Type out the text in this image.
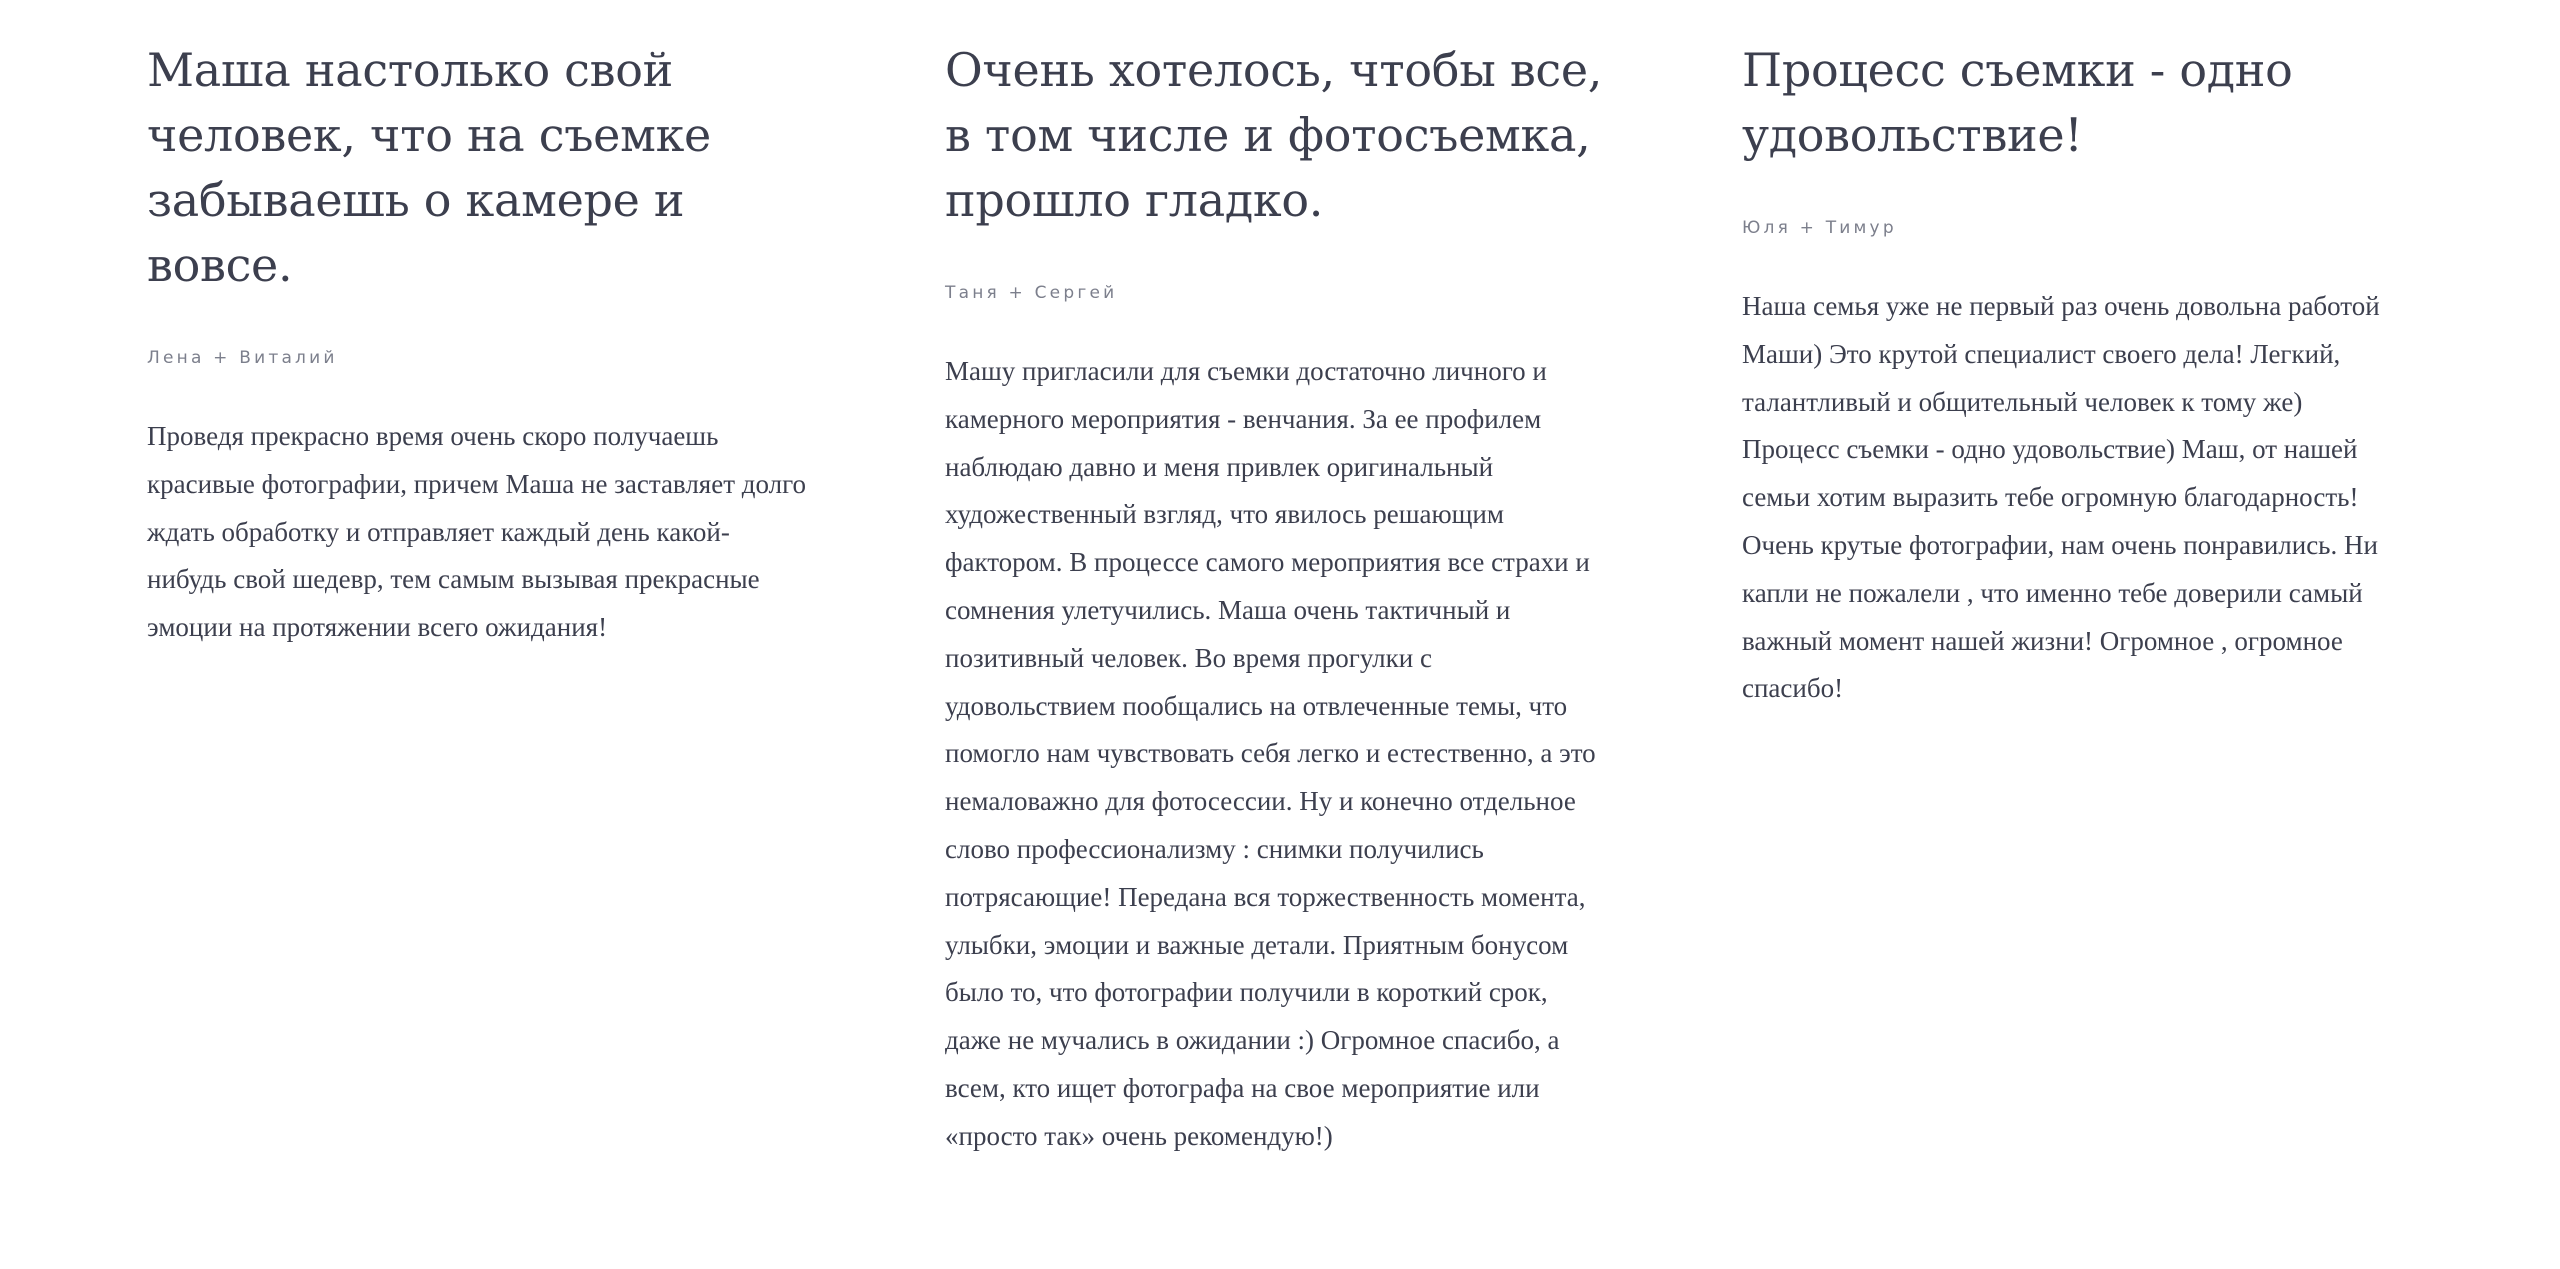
Маша настолько свой человек, что на съемке забываешь о камере и вовсе.
Лена + Виталий
Проведя прекрасно время очень скоро получаешь красивые фотографии, причем Маша не заставляет долго ждать обработку и отправляет каждый день какой-нибудь свой шедевр, тем самым вызывая прекрасные эмоции на протяжении всего ожидания!
Очень хотелось, чтобы все, в том числе и фотосъемка, прошло гладко.
Таня + Сергей
Машу пригласили для съемки достаточно личного и камерного мероприятия - венчания. За ее профилем наблюдаю давно и меня привлек оригинальный художественный взгляд, что явилось решающим фактором. В процессе самого мероприятия все страхи и сомнения улетучились. Маша очень тактичный и позитивный человек. Во время прогулки с удовольствием пообщались на отвлеченные темы, что помогло нам чувствовать себя легко и естественно, а это немаловажно для фотосессии. Ну и конечно отдельное слово профессионализму : снимки получились потрясающие! Передана вся торжественность момента, улыбки, эмоции и важные детали. Приятным бонусом было то, что фотографии получили в короткий срок, даже не мучались в ожидании :) Огромное спасибо, а всем, кто ищет фотографа на свое мероприятие или «просто так» очень рекомендую!)
Процесс съемки - одно удовольствие!
Юля + Тимур
Наша семья уже не первый раз очень довольна работой Маши) Это крутой специалист своего дела! Легкий, талантливый и общительный человек к тому же) Процесс съемки - одно удовольствие) Маш, от нашей семьи хотим выразить тебе огромную благодарность! Очень крутые фотографии, нам очень понравились. Ни капли не пожалели , что именно тебе доверили самый важный момент нашей жизни! Огромное , огромное спасибо!
